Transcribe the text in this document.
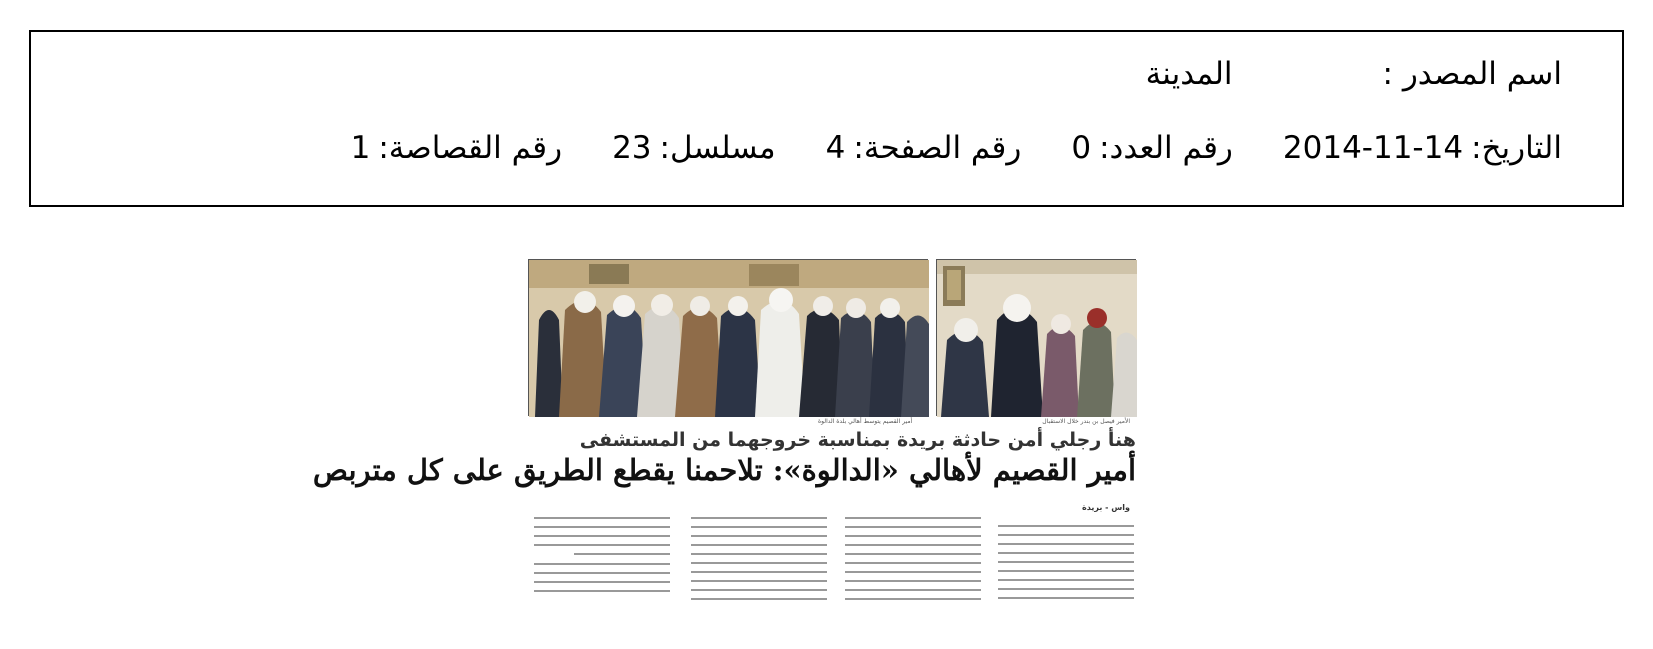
اسم المصدر :
المدينة
التاريخ:
2014-11-14
رقم العدد:
0
رقم الصفحة:
4
مسلسل:
23
رقم القصاصة:
1
أمير القصيم يتوسط أهالي بلدة الدالوة	الأمير فيصل بن بندر خلال الاستقبال
هنأ رجلي أمن حادثة بريدة بمناسبة خروجهما من المستشفى
أمير القصيم لأهالي «الدالوة»: تلاحمنا يقطع الطريق على كل متربص
واس - بريدة
